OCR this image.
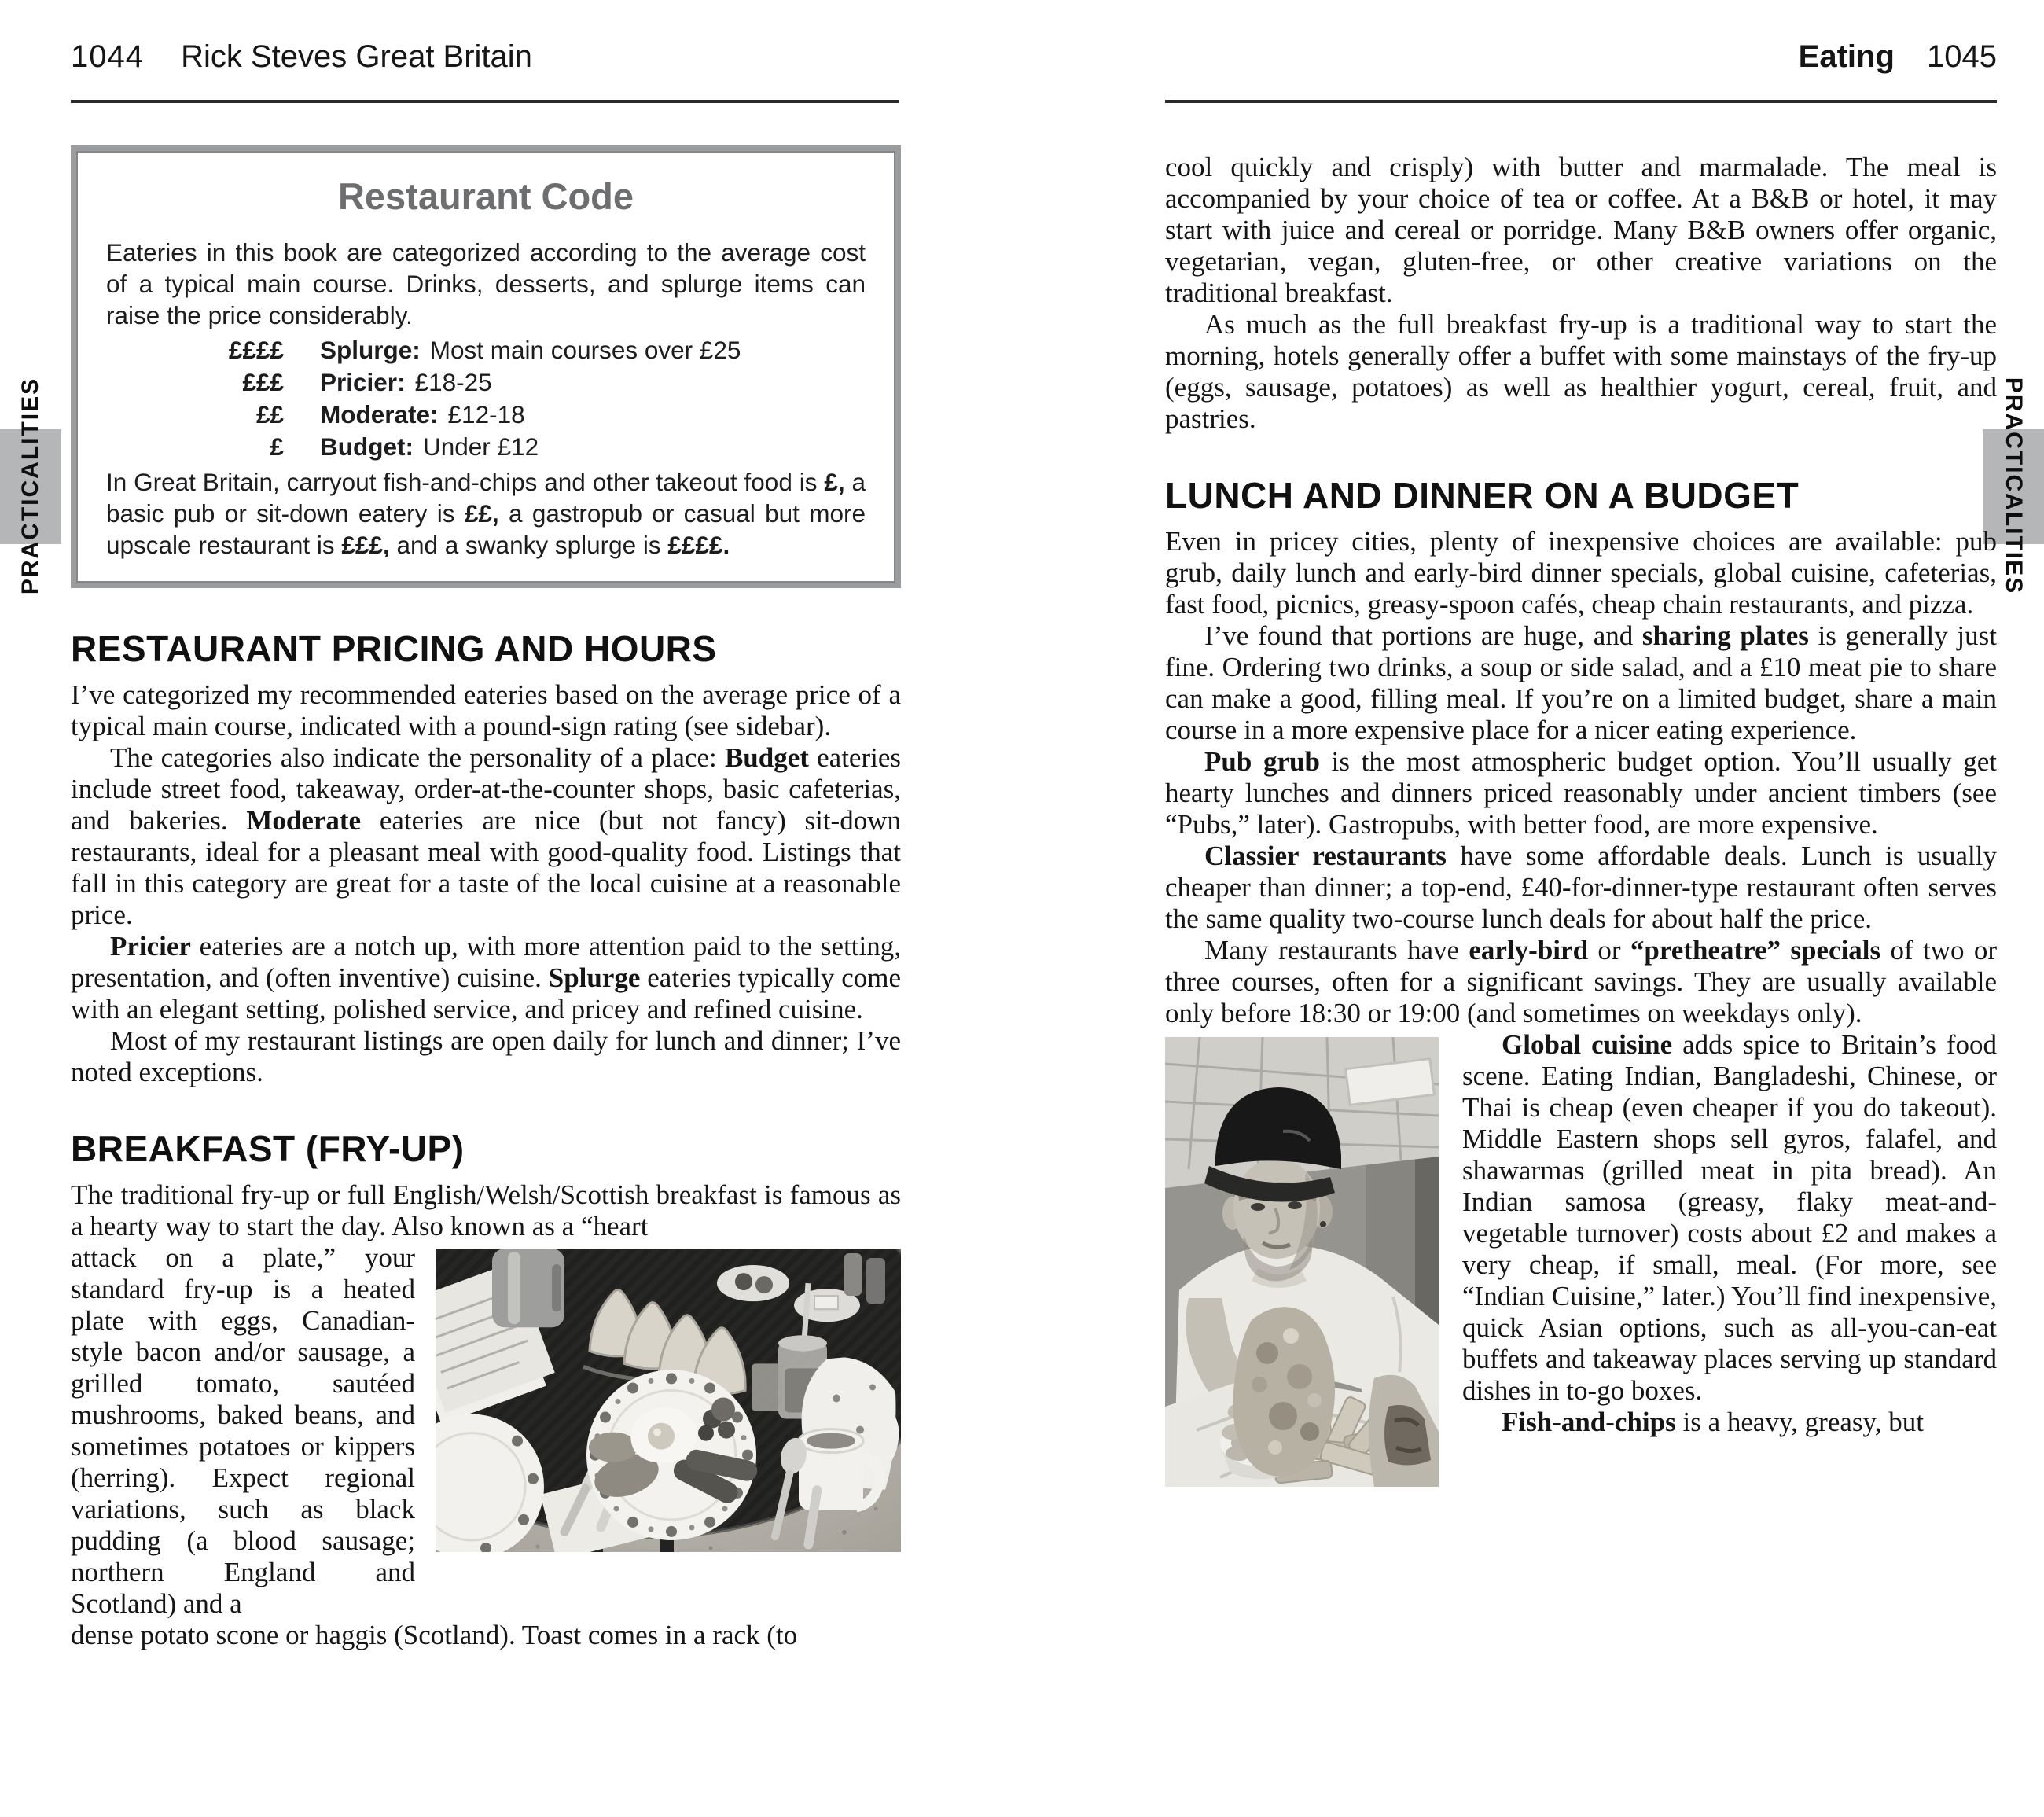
1044 Rick Steves Great Britain	Eating 1045
PRACTICALITIES	PRACTICALITIES
Restaurant Code

Eateries in this book are categorized according to the average cost of a typical main course. Drinks, desserts, and splurge items can raise the price considerably.

££££	Splurge: Most main courses over £25
£££	Pricier: £18-25
££	Moderate: £12-18
£	Budget: Under £12

In Great Britain, carryout fish-and-chips and other takeout food is £, a basic pub or sit-down eatery is ££, a gastropub or casual but more upscale restaurant is £££, and a swanky splurge is ££££.

RESTAURANT PRICING AND HOURS

I’ve categorized my recommended eateries based on the average price of a typical main course, indicated with a pound-sign rating (see sidebar).

The categories also indicate the personality of a place: Budget eateries include street food, takeaway, order-at-the-counter shops, basic cafeterias, and bakeries. Moderate eateries are nice (but not fancy) sit-down restaurants, ideal for a pleasant meal with good-quality food. Listings that fall in this category are great for a taste of the local cuisine at a reasonable price.

Pricier eateries are a notch up, with more attention paid to the setting, presentation, and (often inventive) cuisine. Splurge eateries typically come with an elegant setting, polished service, and pricey and refined cuisine.

Most of my restaurant listings are open daily for lunch and dinner; I’ve noted exceptions.

BREAKFAST (FRY-UP)

The traditional fry-up or full English/Welsh/Scottish breakfast is famous as a hearty way to start the day. Also known as a “heart

attack on a plate,” your standard fry-up is a heated plate with eggs, Canadian-style bacon and/or sausage, a grilled tomato, sautéed mushrooms, baked beans, and sometimes potatoes or kippers (herring). Expect regional variations, such as black pudding (a blood sausage; northern England and Scotland) and a

dense potato scone or haggis (Scotland). Toast comes in a rack (to

cool quickly and crisply) with butter and marmalade. The meal is accompanied by your choice of tea or coffee. At a B&B or hotel, it may start with juice and cereal or porridge. Many B&B owners offer organic, vegetarian, vegan, gluten-free, or other creative variations on the traditional breakfast.

As much as the full breakfast fry-up is a traditional way to start the morning, hotels generally offer a buffet with some mainstays of the fry-up (eggs, sausage, potatoes) as well as healthier yogurt, cereal, fruit, and pastries.

LUNCH AND DINNER ON A BUDGET

Even in pricey cities, plenty of inexpensive choices are available: pub grub, daily lunch and early-bird dinner specials, global cuisine, cafeterias, fast food, picnics, greasy-spoon cafés, cheap chain restaurants, and pizza.

I’ve found that portions are huge, and sharing plates is generally just fine. Ordering two drinks, a soup or side salad, and a £10 meat pie to share can make a good, filling meal. If you’re on a limited budget, share a main course in a more expensive place for a nicer eating experience.

Pub grub is the most atmospheric budget option. You’ll usually get hearty lunches and dinners priced reasonably under ancient timbers (see “Pubs,” later). Gastropubs, with better food, are more expensive.

Classier restaurants have some affordable deals. Lunch is usually cheaper than dinner; a top-end, £40-for-dinner-type restaurant often serves the same quality two-course lunch deals for about half the price.

Many restaurants have early-bird or “pretheatre” specials of two or three courses, often for a significant savings. They are usually available only before 18:30 or 19:00 (and sometimes on weekdays only).

Global cuisine adds spice to Britain’s food scene. Eating Indian, Bangladeshi, Chinese, or Thai is cheap (even cheaper if you do takeout). Middle Eastern shops sell gyros, falafel, and shawarmas (grilled meat in pita bread). An Indian samosa (greasy, flaky meat-and-vegetable turnover) costs about £2 and makes a very cheap, if small, meal. (For more, see “Indian Cuisine,” later.) You’ll find inexpensive, quick Asian options, such as all-you-can-eat buffets and takeaway places serving up standard dishes in to-go boxes.

Fish-and-chips is a heavy, greasy, but
